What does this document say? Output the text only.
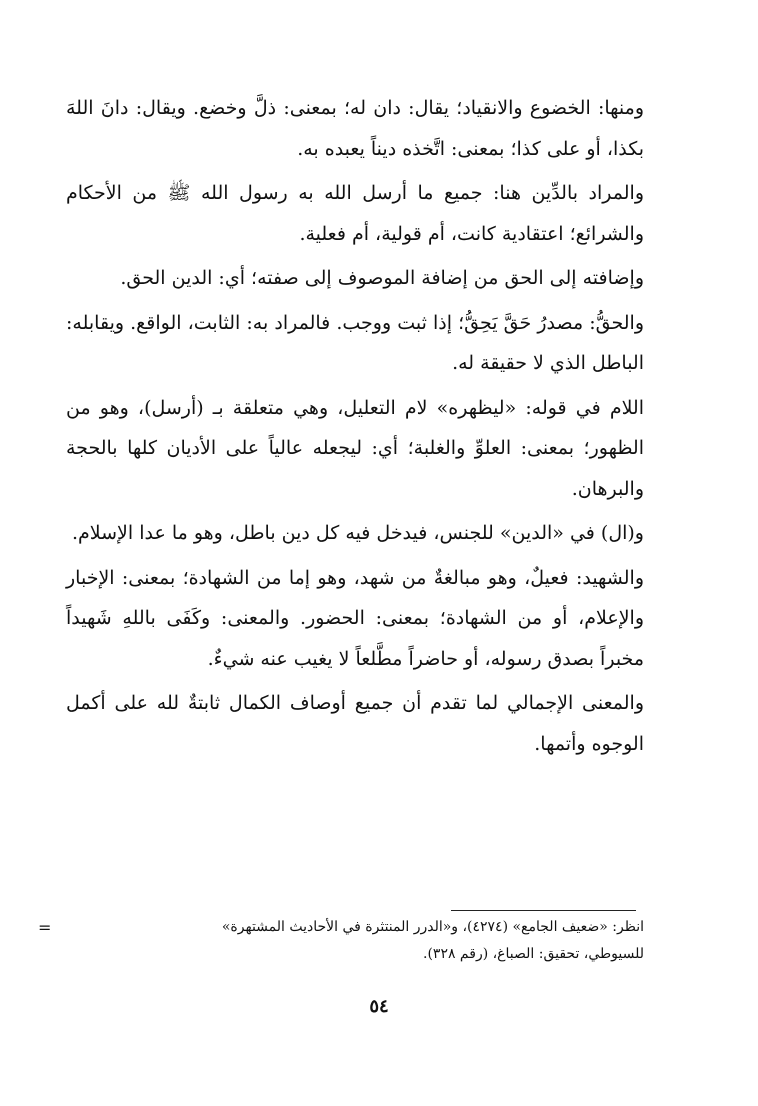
ومنها: الخضوع والانقياد؛ يقال: دان له؛ بمعنى: ذلَّ وخضع. ويقال: دانَ اللهَ بكذا، أو على كذا؛ بمعنى: اتَّخذه ديناً يعبده به.

والمراد بالدِّين هنا: جميع ما أرسل الله به رسول الله ﷺ من الأحكام والشرائع؛ اعتقادية كانت، أم قولية، أم فعلية.

وإضافته إلى الحق من إضافة الموصوف إلى صفته؛ أي: الدين الحق.

والحقُّ: مصدرُ حَقَّ يَحِقُّ؛ إذا ثبت ووجب. فالمراد به: الثابت، الواقع. ويقابله: الباطل الذي لا حقيقة له.

اللام في قوله: «ليظهره» لام التعليل، وهي متعلقة بـ (أرسل)، وهو من الظهور؛ بمعنى: العلوِّ والغلبة؛ أي: ليجعله عالياً على الأديان كلها بالحجة والبرهان.

و(ال) في «الدين» للجنس، فيدخل فيه كل دين باطل، وهو ما عدا الإسلام.

والشهيد: فعيلٌ، وهو مبالغةٌ من شهد، وهو إما من الشهادة؛ بمعنى: الإخبار والإعلام، أو من الشهادة؛ بمعنى: الحضور. والمعنى: وكَفَى باللهِ شَهيداً مخبراً بصدق رسوله، أو حاضراً مطَّلعاً لا يغيب عنه شيءٌ.

والمعنى الإجمالي لما تقدم أن جميع أوصاف الكمال ثابتةٌ لله على أكمل الوجوه وأتمها.

=	انظر: «ضعيف الجامع» (٤٢٧٤)، و«الدرر المنتثرة في الأحاديث المشتهرة»

للسيوطي، تحقيق: الصباغ، (رقم ٣٢٨).

٥٤
